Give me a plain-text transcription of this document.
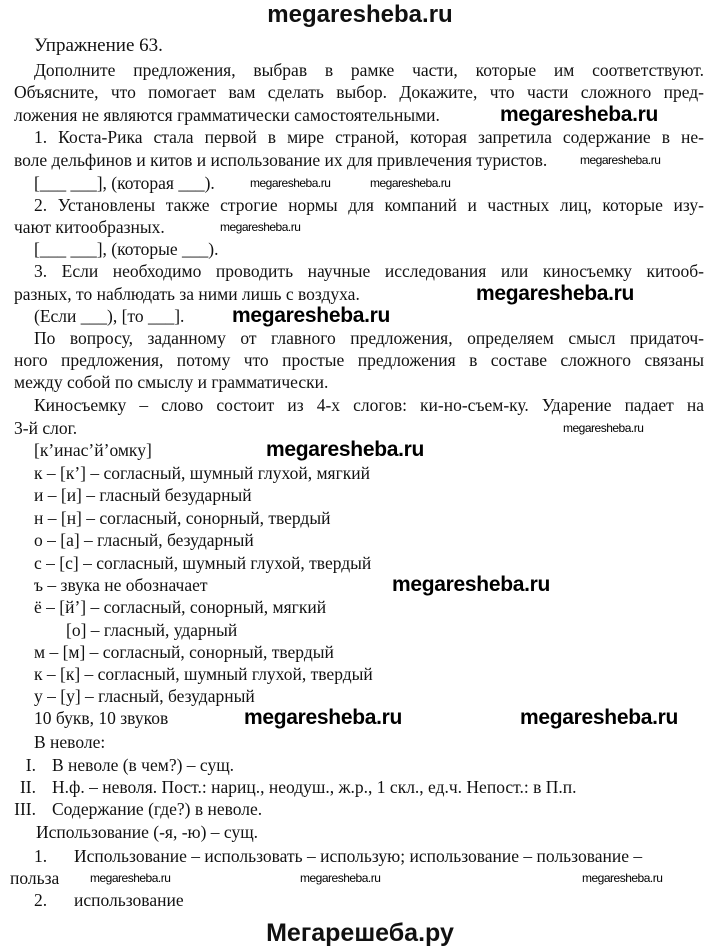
megaresheba.ru
Упражнение 63.
Дополните предложения, выбрав в рамке части, которые им соответствуют.
Объясните, что помогает вам сделать выбор. Докажите, что части сложного пред-
ложения не являются грамматически самостоятельными.
1. Коста-Рика стала первой в мире страной, которая запретила содержание в не-
воле дельфинов и китов и использование их для привлечения туристов.
[___ ___], (которая ___).
2. Установлены также строгие нормы для компаний и частных лиц, которые изу-
чают китообразных.
[___ ___], (которые ___).
3. Если необходимо проводить научные исследования или киносъемку китооб-
разных, то наблюдать за ними лишь с воздуха.
(Если ___), [то ___].
По вопросу, заданному от главного предложения, определяем смысл придаточ-
ного предложения, потому что простые предложения в составе сложного связаны
между собой по смыслу и грамматически.
Киносъемку – слово состоит из 4-х слогов: ки-но-съем-ку. Ударение падает на
3-й слог.
[к’инас’й’омку]
к – [к’] – согласный, шумный глухой, мягкий
и – [и] – гласный безударный
н – [н] – согласный, сонорный, твердый
о – [а] – гласный, безударный
с – [с] – согласный, шумный глухой, твердый
ъ – звука не обозначает
ё – [й’] – согласный, сонорный, мягкий
[о] – гласный, ударный
м – [м] – согласный, сонорный, твердый
к – [к] – согласный, шумный глухой, твердый
у – [у] – гласный, безударный
10 букв, 10 звуков
В неволе:
I. В неволе (в чем?) – сущ.
II. Н.ф. – неволя. Пост.: нариц., неодуш., ж.р., 1 скл., ед.ч. Непост.: в П.п.
III. Содержание (где?) в неволе.
Использование (-я, -ю) – сущ.
1. Использование – использовать – использую; использование – пользование –
польза
2. использование
megaresheba.ru
megaresheba.ru
megaresheba.ru
megaresheba.ru
megaresheba.ru
megaresheba.ru	megaresheba.ru
megaresheba.ru
megaresheba.ru
megaresheba.ru	megaresheba.ru
megaresheba.ru
megaresheba.ru	megaresheba.ru	megaresheba.ru
Мегарешеба.ру
